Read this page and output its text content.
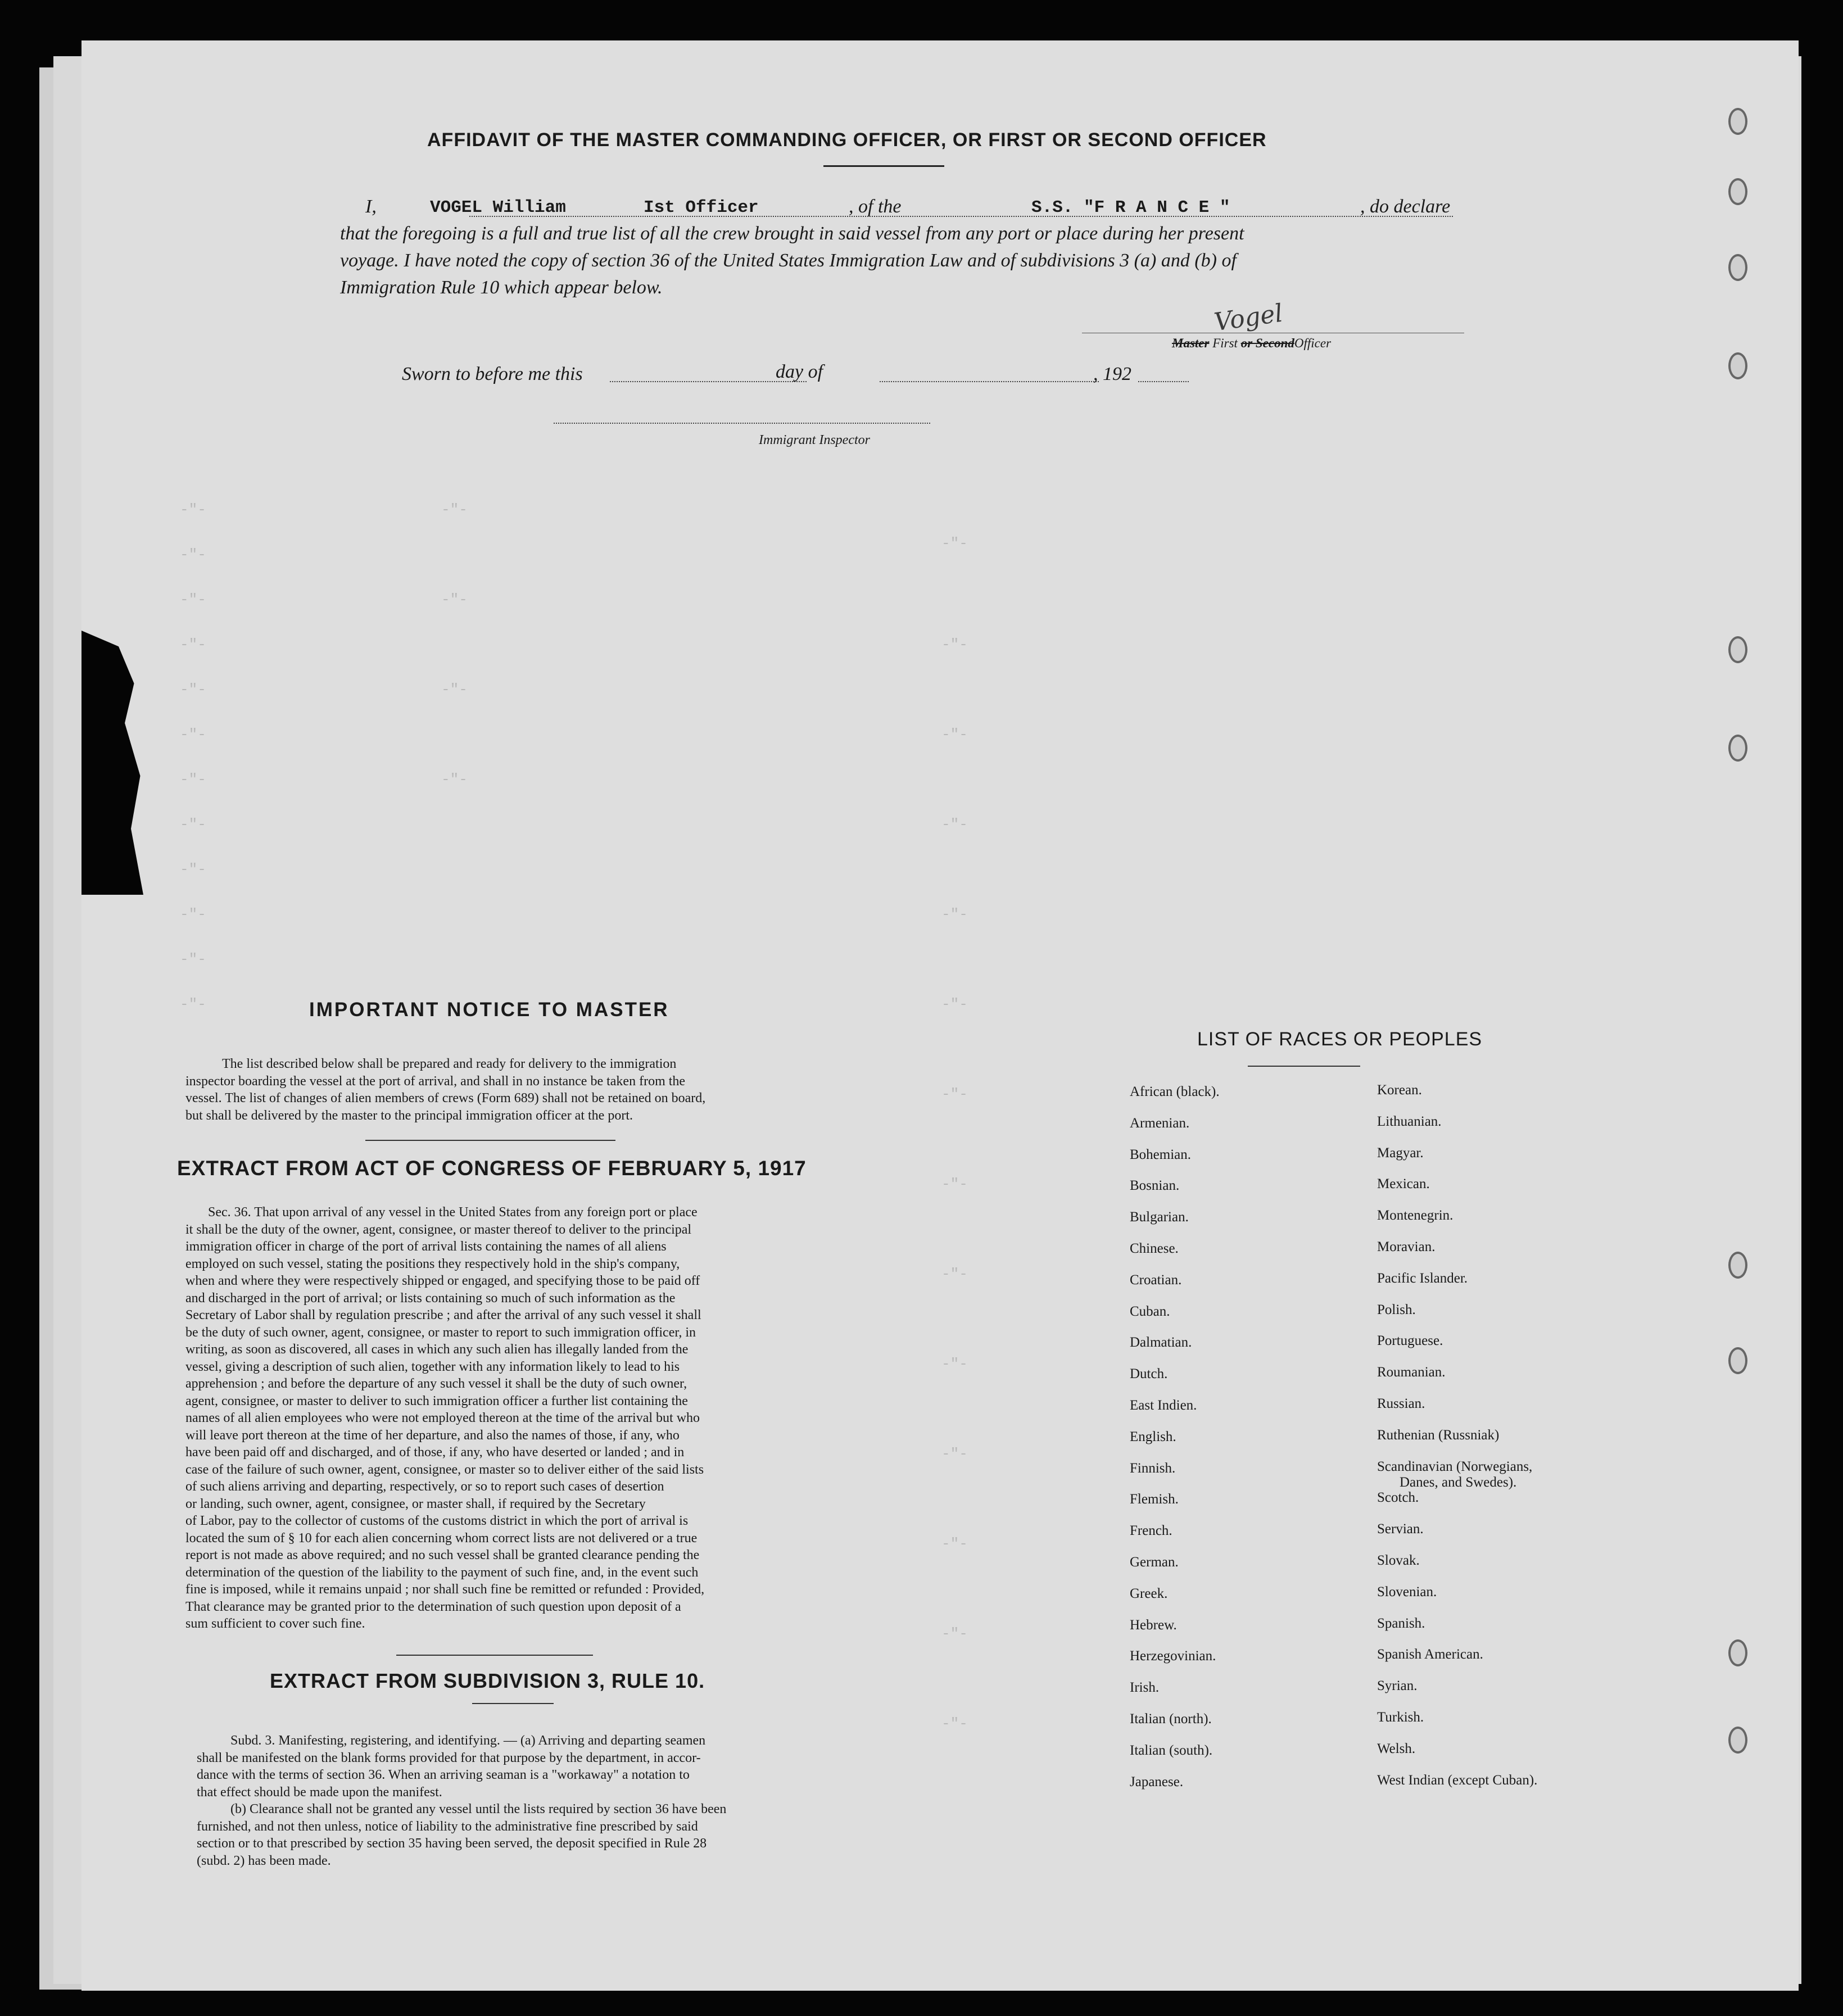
-"-
-"-
-"-
-"-
-"-
-"-
-"-
-"-
-"-
-"-
-"-
-"-
-"-
-"-
-"-
-"-
-"-
-"-
-"-
-"-
-"-
-"-
-"-
-"-
-"-
-"-
-"-
-"-
-"-
-"-
AFFIDAVIT OF THE MASTER COMMANDING OFFICER, OR FIRST OR SECOND OFFICER
I,	VOGEL William	Ist Officer	, of the	S.S. "F R A N C E "	, do declare
that the foregoing is a full and true list of all the crew brought in said vessel from any port or place during her present
voyage. I have noted the copy of section 36 of the United States Immigration Law and of subdivisions 3 (a) and (b) of
Immigration Rule 10 which appear below.
Vogel
Master First or SecondOfficer
Sworn to before me this	day of	, 192
Immigrant Inspector
IMPORTANT NOTICE TO MASTER
The list described below shall be prepared and ready for delivery to the immigration
inspector boarding the vessel at the port of arrival, and shall in no instance be taken from the
vessel. The list of changes of alien members of crews (Form 689) shall not be retained on board,
but shall be delivered by the master to the principal immigration officer at the port.
EXTRACT FROM ACT OF CONGRESS OF FEBRUARY 5, 1917
Sec. 36. That upon arrival of any vessel in the United States from any foreign port or place
it shall be the duty of the owner, agent, consignee, or master thereof to deliver to the principal
immigration officer in charge of the port of arrival lists containing the names of all aliens
employed on such vessel, stating the positions they respectively hold in the ship's company,
when and where they were respectively shipped or engaged, and specifying those to be paid off
and discharged in the port of arrival; or lists containing so much of such information as the
Secretary of Labor shall by regulation prescribe ; and after the arrival of any such vessel it shall
be the duty of such owner, agent, consignee, or master to report to such immigration officer, in
writing, as soon as discovered, all cases in which any such alien has illegally landed from the
vessel, giving a description of such alien, together with any information likely to lead to his
apprehension ; and before the departure of any such vessel it shall be the duty of such owner,
agent, consignee, or master to deliver to such immigration officer a further list containing the
names of all alien employees who were not employed thereon at the time of the arrival but who
will leave port thereon at the time of her departure, and also the names of those, if any, who
have been paid off and discharged, and of those, if any, who have deserted or landed ; and in
case of the failure of such owner, agent, consignee, or master so to deliver either of the said lists
of such aliens arriving and departing, respectively, or so to report such cases of desertion
or landing, such owner, agent, consignee, or master shall, if required by the Secretary
of Labor, pay to the collector of customs of the customs district in which the port of arrival is
located the sum of § 10 for each alien concerning whom correct lists are not delivered or a true
report is not made as above required; and no such vessel shall be granted clearance pending the
determination of the question of the liability to the payment of such fine, and, in the event such
fine is imposed, while it remains unpaid ; nor shall such fine be remitted or refunded : Provided,
That clearance may be granted prior to the determination of such question upon deposit of a
sum sufficient to cover such fine.
EXTRACT FROM SUBDIVISION 3, RULE 10.
Subd. 3. Manifesting, registering, and identifying. — (a) Arriving and departing seamen
shall be manifested on the blank forms provided for that purpose by the department, in accor-
dance with the terms of section 36. When an arriving seaman is a "workaway" a notation to
that effect should be made upon the manifest.
(b) Clearance shall not be granted any vessel until the lists required by section 36 have been
furnished, and not then unless, notice of liability to the administrative fine prescribed by said
section or to that prescribed by section 35 having been served, the deposit specified in Rule 28
(subd. 2) has been made.
LIST OF RACES OR PEOPLES
African (black).
Armenian.
Bohemian.
Bosnian.
Bulgarian.
Chinese.
Croatian.
Cuban.
Dalmatian.
Dutch.
East Indien.
English.
Finnish.
Flemish.
French.
German.
Greek.
Hebrew.
Herzegovinian.
Irish.
Italian (north).
Italian (south).
Japanese.
Korean.
Lithuanian.
Magyar.
Mexican.
Montenegrin.
Moravian.
Pacific Islander.
Polish.
Portuguese.
Roumanian.
Russian.
Ruthenian (Russniak)
Scandinavian (Norwegians,
Danes, and Swedes).
Scotch.
Servian.
Slovak.
Slovenian.
Spanish.
Spanish American.
Syrian.
Turkish.
Welsh.
West Indian (except Cuban).
